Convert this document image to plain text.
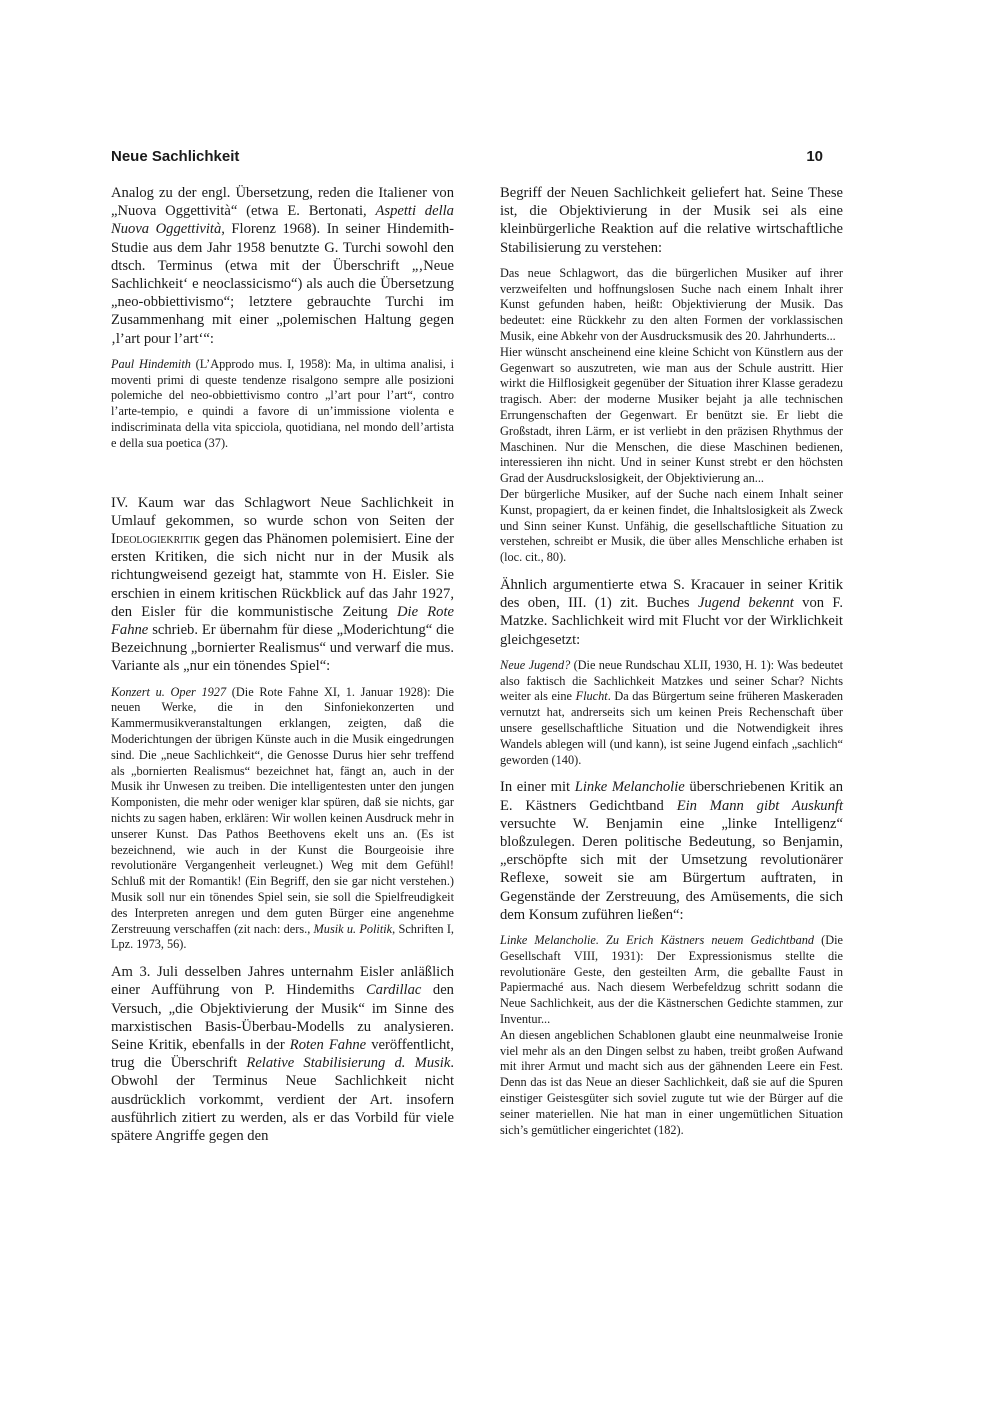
Neue Sachlichkeit	10

Analog zu der engl. Übersetzung, reden die Italiener von „Nuova Oggettività“ (etwa E. Bertonati, Aspetti della Nuova Oggettività, Florenz 1968). In seiner Hindemith-Studie aus dem Jahr 1958 benutzte G. Turchi sowohl den dtsch. Terminus (etwa mit der Überschrift „‚Neue Sachlichkeit‘ e neoclassicismo“) als auch die Übersetzung „neo-obbiettivismo“; letztere gebrauchte Turchi im Zusammenhang mit einer „polemischen Haltung gegen ‚l’art pour l’art‘“:

Paul Hindemith (L’Approdo mus. I, 1958): Ma, in ultima analisi, i moventi primi di queste tendenze risalgono sempre alle posizioni polemiche del neo-obbiettivismo contro „l’art pour l’art“, contro l’arte-tempio, e quindi a favore di un’immissione violenta e indiscriminata della vita spicciola, quotidiana, nel mondo dell’artista e della sua poetica (37).

IV. Kaum war das Schlagwort Neue Sachlichkeit in Umlauf gekommen, so wurde schon von Seiten der Ideologiekritik gegen das Phänomen polemisiert. Eine der ersten Kritiken, die sich nicht nur in der Musik als richtungweisend gezeigt hat, stammte von H. Eisler. Sie erschien in einem kritischen Rückblick auf das Jahr 1927, den Eisler für die kommunistische Zeitung Die Rote Fahne schrieb. Er übernahm für diese „Moderichtung“ die Bezeichnung „bornierter Realismus“ und verwarf die mus. Variante als „nur ein tönendes Spiel“:

Konzert u. Oper 1927 (Die Rote Fahne XI, 1. Januar 1928): Die neuen Werke, die in den Sinfoniekonzerten und Kammermusikveranstaltungen erklangen, zeigten, daß die Moderichtungen der übrigen Künste auch in die Musik eingedrungen sind. Die „neue Sachlichkeit“, die Genosse Durus hier sehr treffend als „bornierten Realismus“ bezeichnet hat, fängt an, auch in der Musik ihr Unwesen zu treiben. Die intelligentesten unter den jungen Komponisten, die mehr oder weniger klar spüren, daß sie nichts, gar nichts zu sagen haben, erklären: Wir wollen keinen Ausdruck mehr in unserer Kunst. Das Pathos Beethovens ekelt uns an. (Es ist bezeichnend, wie auch in der Kunst die Bourgeoisie ihre revolutionäre Vergangenheit verleugnet.) Weg mit dem Gefühl! Schluß mit der Romantik! (Ein Begriff, den sie gar nicht verstehen.) Musik soll nur ein tönendes Spiel sein, sie soll die Spielfreudigkeit des Interpreten anregen und dem guten Bürger eine angenehme Zerstreuung verschaffen (zit nach: ders., Musik u. Politik, Schriften I, Lpz. 1973, 56).

Am 3. Juli desselben Jahres unternahm Eisler anläßlich einer Aufführung von P. Hindemiths Cardillac den Versuch, „die Objektivierung der Musik“ im Sinne des marxistischen Basis-Überbau-Modells zu analysieren. Seine Kritik, ebenfalls in der Roten Fahne veröffentlicht, trug die Überschrift Relative Stabilisierung d. Musik. Obwohl der Terminus Neue Sachlichkeit nicht ausdrücklich vorkommt, verdient der Art. insofern ausführlich zitiert zu werden, als er das Vorbild für viele spätere Angriffe gegen den

Begriff der Neuen Sachlichkeit geliefert hat. Seine These ist, die Objektivierung in der Musik sei als eine kleinbürgerliche Reaktion auf die relative wirtschaftliche Stabilisierung zu verstehen:

Das neue Schlagwort, das die bürgerlichen Musiker auf ihrer verzweifelten und hoffnungslosen Suche nach einem Inhalt ihrer Kunst gefunden haben, heißt: Objektivierung der Musik. Das bedeutet: eine Rückkehr zu den alten Formen der vorklassischen Musik, eine Abkehr von der Ausdrucksmusik des 20. Jahrhunderts...

Hier wünscht anscheinend eine kleine Schicht von Künstlern aus der Gegenwart so auszutreten, wie man aus der Schule austritt. Hier wirkt die Hilflosigkeit gegenüber der Situation ihrer Klasse geradezu tragisch. Aber: der moderne Musiker bejaht ja alle technischen Errungenschaften der Gegenwart. Er benützt sie. Er liebt die Großstadt, ihren Lärm, er ist verliebt in den präzisen Rhythmus der Maschinen. Nur die Menschen, die diese Maschinen bedienen, interessieren ihn nicht. Und in seiner Kunst strebt er den höchsten Grad der Ausdruckslosigkeit, der Objektivierung an...

Der bürgerliche Musiker, auf der Suche nach einem Inhalt seiner Kunst, propagiert, da er keinen findet, die Inhaltslosigkeit als Zweck und Sinn seiner Kunst. Unfähig, die gesellschaftliche Situation zu verstehen, schreibt er Musik, die über alles Menschliche erhaben ist (loc. cit., 80).

Ähnlich argumentierte etwa S. Kracauer in seiner Kritik des oben, III. (1) zit. Buches Jugend bekennt von F. Matzke. Sachlichkeit wird mit Flucht vor der Wirklichkeit gleichgesetzt:

Neue Jugend? (Die neue Rundschau XLII, 1930, H. 1): Was bedeutet also faktisch die Sachlichkeit Matzkes und seiner Schar? Nichts weiter als eine Flucht. Da das Bürgertum seine früheren Maskeraden vernutzt hat, andrerseits sich um keinen Preis Rechenschaft über unsere gesellschaftliche Situation und die Notwendigkeit ihres Wandels ablegen will (und kann), ist seine Jugend einfach „sachlich“ geworden (140).

In einer mit Linke Melancholie überschriebenen Kritik an E. Kästners Gedichtband Ein Mann gibt Auskunft versuchte W. Benjamin eine „linke Intelligenz“ bloßzulegen. Deren politische Bedeutung, so Benjamin, „erschöpfte sich mit der Umsetzung revolutionärer Reflexe, soweit sie am Bürgertum auftraten, in Gegenstände der Zerstreuung, des Amüsements, die sich dem Konsum zuführen ließen“:

Linke Melancholie. Zu Erich Kästners neuem Gedichtband (Die Gesellschaft VIII, 1931): Der Expressionismus stellte die revolutionäre Geste, den gesteilten Arm, die geballte Faust in Papiermaché aus. Nach diesem Werbefeldzug schritt sodann die Neue Sachlichkeit, aus der die Kästnerschen Gedichte stammen, zur Inventur...

An diesen angeblichen Schablonen glaubt eine neunmalweise Ironie viel mehr als an den Dingen selbst zu haben, treibt großen Aufwand mit ihrer Armut und macht sich aus der gähnenden Leere ein Fest. Denn das ist das Neue an dieser Sachlichkeit, daß sie auf die Spuren einstiger Geistesgüter sich soviel zugute tut wie der Bürger auf die seiner materiellen. Nie hat man in einer ungemütlichen Situation sich’s gemütlicher eingerichtet (182).
